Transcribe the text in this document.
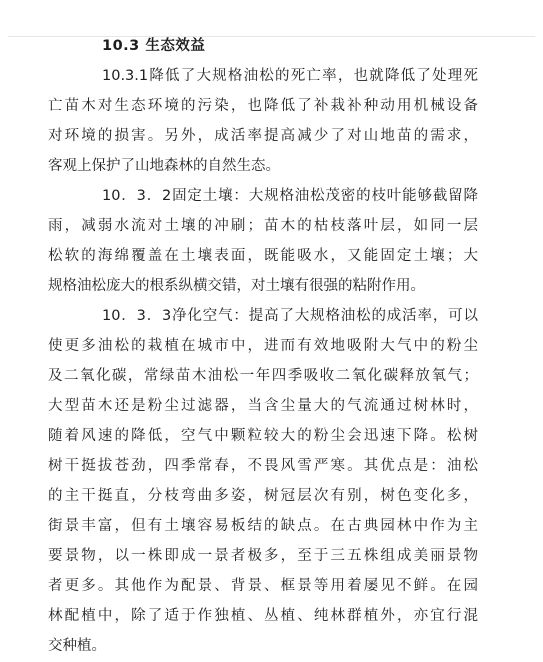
10.3 生态效益
10.3.1降低了大规格油松的死亡率，也就降低了处理死
亡苗木对生态环境的污染，也降低了补栽补种动用机械设备
对环境的损害。另外，成活率提高减少了对山地苗的需求，
客观上保护了山地森林的自然生态。
10．3．2固定土壤：大规格油松茂密的枝叶能够截留降
雨，减弱水流对土壤的冲刷；苗木的枯枝落叶层，如同一层
松软的海绵覆盖在土壤表面，既能吸水，又能固定土壤；大
规格油松庞大的根系纵横交错，对土壤有很强的粘附作用。
10．3．3净化空气：提高了大规格油松的成活率，可以
使更多油松的栽植在城市中，进而有效地吸附大气中的粉尘
及二氧化碳，常绿苗木油松一年四季吸收二氧化碳释放氧气；
大型苗木还是粉尘过滤器，当含尘量大的气流通过树林时，
随着风速的降低，空气中颗粒较大的粉尘会迅速下降。松树
树干挺拔苍劲，四季常春，不畏风雪严寒。其优点是：油松
的主干挺直，分枝弯曲多姿，树冠层次有别，树色变化多，
街景丰富，但有土壤容易板结的缺点。在古典园林中作为主
要景物，以一株即成一景者极多，至于三五株组成美丽景物
者更多。其他作为配景、背景、框景等用着屡见不鲜。在园
林配植中，除了适于作独植、丛植、纯林群植外，亦宜行混
交种植。
